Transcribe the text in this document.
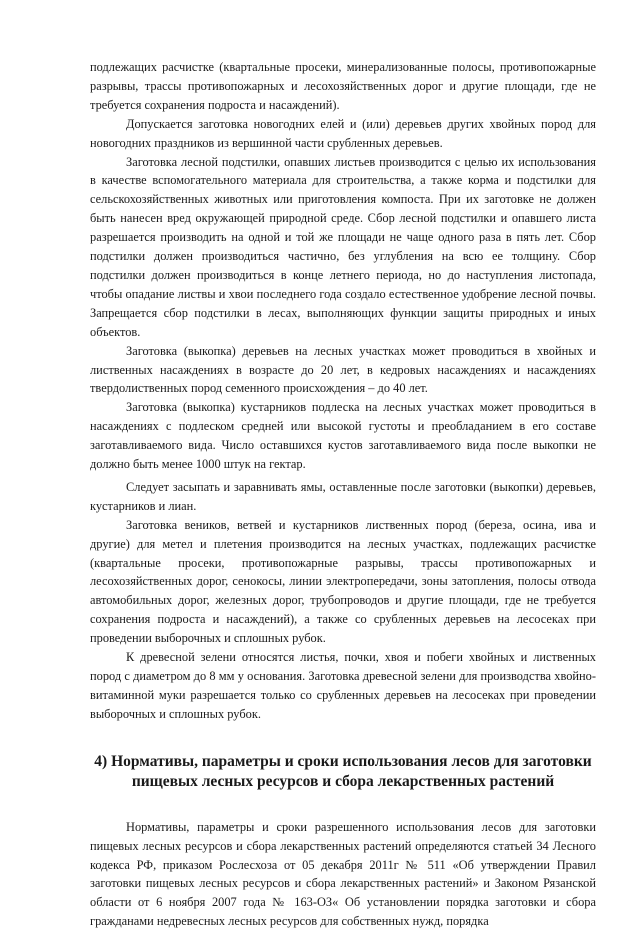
подлежащих расчистке (квартальные просеки, минерализованные полосы, противопожарные разрывы, трассы противопожарных и лесохозяйственных дорог и другие площади, где не требуется сохранения подроста и насаждений).

Допускается заготовка новогодних елей и (или) деревьев других хвойных пород для новогодних праздников из вершинной части срубленных деревьев.

Заготовка лесной подстилки, опавших листьев производится с целью их использования в качестве вспомогательного материала для строительства, а также корма и подстилки для сельскохозяйственных животных или приготовления компоста. При их заготовке не должен быть нанесен вред окружающей природной среде. Сбор лесной подстилки и опавшего листа разрешается производить на одной и той же площади не чаще одного раза в пять лет. Сбор подстилки должен производиться частично, без углубления на всю ее толщину. Сбор подстилки должен производиться в конце летнего периода, но до наступления листопада, чтобы опадание листвы и хвои последнего года создало естественное удобрение лесной почвы. Запрещается сбор подстилки в лесах, выполняющих функции защиты природных и иных объектов.

Заготовка (выкопка) деревьев на лесных участках может проводиться в хвойных и лиственных насаждениях в возрасте до 20 лет, в кедровых насаждениях и насаждениях твердолиственных пород семенного происхождения – до 40 лет.

Заготовка (выкопка) кустарников подлеска на лесных участках может проводиться в насаждениях с подлеском средней или высокой густоты и преобладанием в его составе заготавливаемого вида. Число оставшихся кустов заготавливаемого вида после выкопки не должно быть менее 1000 штук на гектар.

Следует засыпать и заравнивать ямы, оставленные после заготовки (выкопки) деревьев, кустарников и лиан.

Заготовка веников, ветвей и кустарников лиственных пород (береза, осина, ива и другие) для метел и плетения производится на лесных участках, подлежащих расчистке (квартальные просеки, противопожарные разрывы, трассы противопожарных и лесохозяйственных дорог, сенокосы, линии электропередачи, зоны затопления, полосы отвода автомобильных дорог, железных дорог, трубопроводов и другие площади, где не требуется сохранения подроста и насаждений), а также со срубленных деревьев на лесосеках при проведении выборочных и сплошных рубок.

К древесной зелени относятся листья, почки, хвоя и побеги хвойных и лиственных пород с диаметром до 8 мм у основания. Заготовка древесной зелени для производства хвойно-витаминной муки разрешается только со срубленных деревьев на лесосеках при проведении выборочных и сплошных рубок.

4) Нормативы, параметры и сроки использования лесов для заготовки пищевых лесных ресурсов и сбора лекарственных растений

Нормативы, параметры и сроки разрешенного использования лесов для заготовки пищевых лесных ресурсов и сбора лекарственных растений определяются статьей 34 Лесного кодекса РФ, приказом Рослесхоза от 05 декабря 2011г № 511 «Об утверждении Правил заготовки пищевых лесных ресурсов и сбора лекарственных растений» и Законом Рязанской области от 6 ноября 2007 года № 163-ОЗ« Об установлении порядка заготовки и сбора гражданами недревесных лесных ресурсов для собственных нужд, порядка
